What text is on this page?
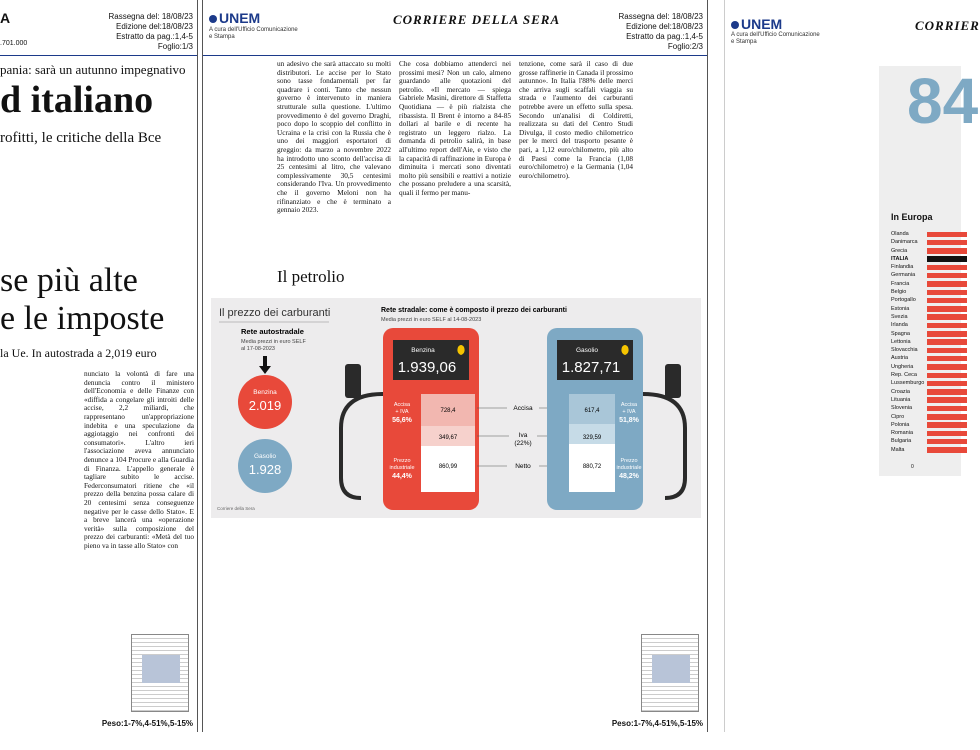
A
.701.000
Rassegna del: 18/08/23
Edizione del:18/08/23
Estratto da pag.:1,4-5
Foglio:1/3
pania: sarà un autunno impegnativo
d italiano
rofitti, le critiche della Bce
se più alte
e le imposte
la Ue. In autostrada a 2,019 euro
nunciato la volontà di fare una denuncia contro il ministero dell'Economia e delle Finanze con «diffida a congelare gli introiti delle accise, 2,2 miliardi, che rappresentano un'appropriazione indebita e una speculazione da aggiotaggio nei confronti dei consumatori». L'altro ieri l'associazione aveva annunciato denunce a 104 Procure e alla Guardia di Finanza. L'appello generale è tagliare subito le accise. Federconsumatori ritiene che «il prezzo della benzina possa calare di 20 centesimi senza conseguenze negative per le casse dello Stato». E a breve lancerà una «operazione verità» sulla composizione del prezzo dei carburanti: «Metà del tuo pieno va in tasse allo Stato» con
Peso:1-7%,4-51%,5-15%
UNEM
A cura dell'Ufficio Comunicazione
e Stampa
CORRIERE DELLA SERA	Rassegna del: 18/08/23
Edizione del:18/08/23
Estratto da pag.:1,4-5
Foglio:2/3
un adesivo che sarà attaccato su molti distributori. Le accise per lo Stato sono tasse fondamentali per far quadrare i conti. Tanto che nessun governo è intervenuto in maniera strutturale sulla questione. L'ultimo provvedimento è del governo Draghi, poco dopo lo scoppio del conflitto in Ucraina e la crisi con la Russia che è uno dei maggiori esportatori di greggio: da marzo a novembre 2022 ha introdotto uno sconto dell'accisa di 25 centesimi al litro, che valevano complessivamente 30,5 centesimi considerando l'Iva. Un provvedimento che il governo Meloni non ha rifinanziato e che è terminato a gennaio 2023.
Che cosa dobbiamo attenderci nei prossimi mesi? Non un calo, almeno guardando alle quotazioni del petrolio. «Il mercato — spiega Gabriele Masini, direttore di Staffetta Quotidiana — è più rialzista che ribassista. Il Brent è intorno a 84-85 dollari al barile e di recente ha registrato un leggero rialzo. La domanda di petrolio salirà, in base all'ultimo report dell'Aie, e visto che la capacità di raffinazione in Europa è diminuita i mercati sono diventati molto più sensibili e reattivi a notizie che possano preludere a una scarsità, quali il fermo per manu-
tenzione, come sarà il caso di due grosse raffinerie in Canada il prossimo autunno». In Italia l'88% delle merci che arriva sugli scaffali viaggia su strada e l'aumento dei carburanti potrebbe avere un effetto sulla spesa. Secondo un'analisi di Coldiretti, realizzata su dati del Centro Studi Divulga, il costo medio chilometrico per le merci del trasporto pesante è pari, a 1,12 euro/chilometro, più alto di Paesi come la Francia (1,08 euro/chilometro) e la Germania (1,04 euro/chilometro).
Il petrolio
Il prezzo dei carburanti
Rete autostradale
Media prezzi in euro SELF
al 17-08-2023
Benzina
2.019
Gasolio
1.928
Corriere della Sera
Rete stradale: come è composto il prezzo dei carburanti
Media prezzi in euro SELF al 14-08-2023
Benzina
1.939,06
Accisa
+ IVA
56,6%
Prezzo
industriale
44,4%
728,4
349,67
860,99
Accisa
Iva
(22%)
Netto
Gasolio
1.827,71
617,4
329,59
880,72
Accisa
+ IVA
51,8%
Prezzo
industriale
48,2%
Peso:1-7%,4-51%,5-15%
UNEM
A cura dell'Ufficio Comunicazione
e Stampa
CORRIER
84
In Europa
Olanda
Danimarca
Grecia
ITALIA
Finlandia
Germania
Francia
Belgio
Portogallo
Estonia
Svezia
Irlanda
Spagna
Lettonia
Slovacchia
Austria
Ungheria
Rep. Ceca
Lussemburgo
Croazia
Lituania
Slovenia
Cipro
Polonia
Romania
Bulgaria
Malta
0
